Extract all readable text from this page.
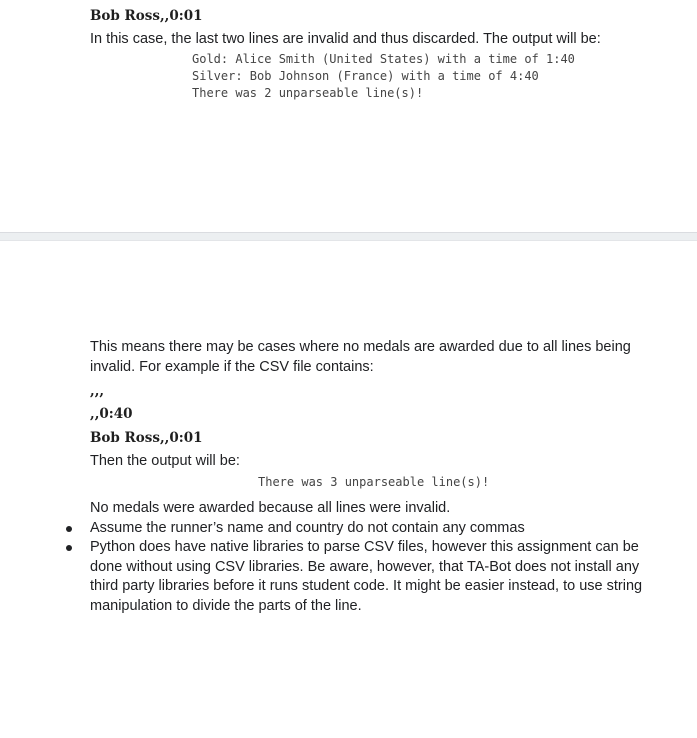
Bob Ross,,0:01
In this case, the last two lines are invalid and thus discarded. The output will be:
Gold: Alice Smith (United States) with a time of 1:40
Silver: Bob Johnson (France) with a time of 4:40
There was 2 unparseable line(s)!
This means there may be cases where no medals are awarded due to all lines being invalid. For example if the CSV file contains:
,,,
,,0:40
Bob Ross,,0:01
Then the output will be:
There was 3 unparseable line(s)!
No medals were awarded because all lines were invalid.
Assume the runner’s name and country do not contain any commas
Python does have native libraries to parse CSV files, however this assignment can be done without using CSV libraries. Be aware, however, that TA-Bot does not install any third party libraries before it runs student code. It might be easier instead, to use string manipulation to divide the parts of the line.
